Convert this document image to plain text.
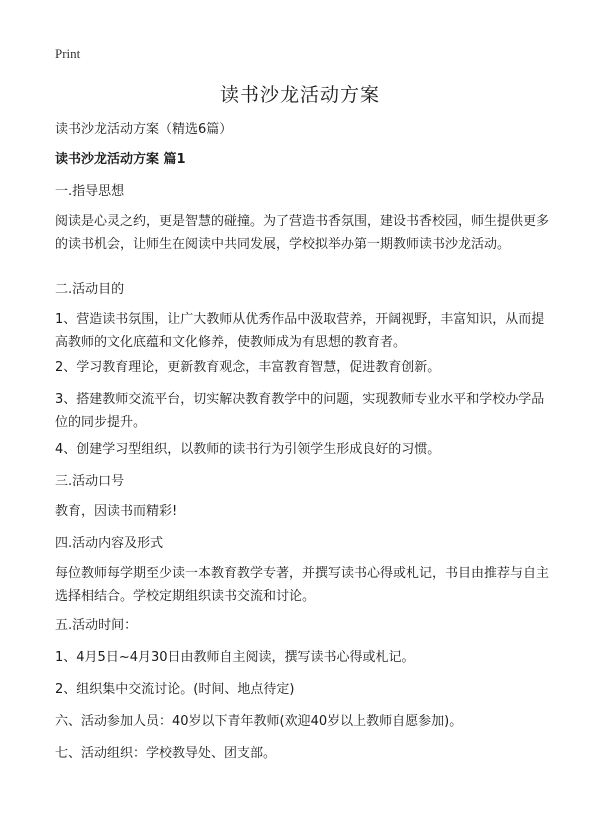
Print
读书沙龙活动方案

读书沙龙活动方案（精选6篇）

读书沙龙活动方案 篇1

一.指导思想

阅读是心灵之约，更是智慧的碰撞。为了营造书香氛围，建设书香校园，师生提供更多的读书机会，让师生在阅读中共同发展，学校拟举办第一期教师读书沙龙活动。

二.活动目的

1、营造读书氛围，让广大教师从优秀作品中汲取营养，开阔视野，丰富知识，从而提高教师的文化底蕴和文化修养，使教师成为有思想的教育者。

2、学习教育理论，更新教育观念，丰富教育智慧，促进教育创新。

3、搭建教师交流平台，切实解决教育教学中的问题，实现教师专业水平和学校办学品位的同步提升。

4、创建学习型组织，以教师的读书行为引领学生形成良好的习惯。

三.活动口号

教育，因读书而精彩!

四.活动内容及形式

每位教师每学期至少读一本教育教学专著，并撰写读书心得或札记，书目由推荐与自主选择相结合。学校定期组织读书交流和讨论。

五.活动时间：

1、4月5日~4月30日由教师自主阅读，撰写读书心得或札记。

2、组织集中交流讨论。(时间、地点待定)

六、活动参加人员：40岁以下青年教师(欢迎40岁以上教师自愿参加)。

七、活动组织：学校教导处、团支部。
